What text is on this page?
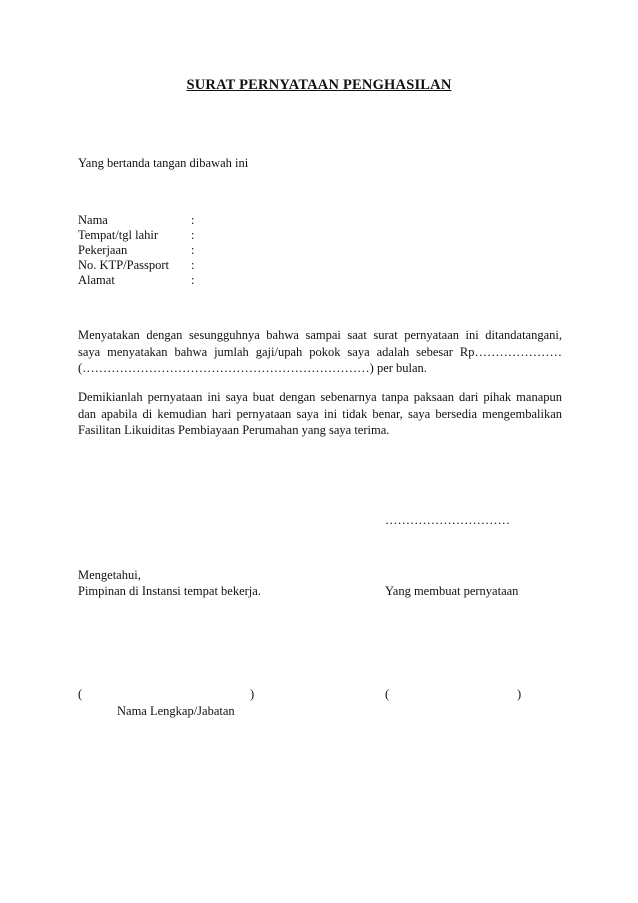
SURAT PERNYATAAN PENGHASILAN
Yang bertanda tangan dibawah ini
Nama	:
Tempat/tgl lahir	:
Pekerjaan	:
No. KTP/Passport :
Alamat	:
Menyatakan dengan sesungguhnya bahwa sampai saat surat pernyataan ini ditandatangani,
saya menyatakan bahwa jumlah gaji/upah pokok saya adalah sebesar Rp…………………
(……………………………………………………………) per bulan.
Demikianlah pernyataan ini saya buat dengan sebenarnya tanpa paksaan dari pihak manapun
dan apabila di kemudian hari pernyataan saya ini tidak benar, saya bersedia mengembalikan
Fasilitan Likuiditas Pembiayaan Perumahan yang saya terima.
…………………………
Mengetahui,
Pimpinan di Instansi tempat bekerja.	Yang membuat pernyataan
(	)	(	)
Nama Lengkap/Jabatan
